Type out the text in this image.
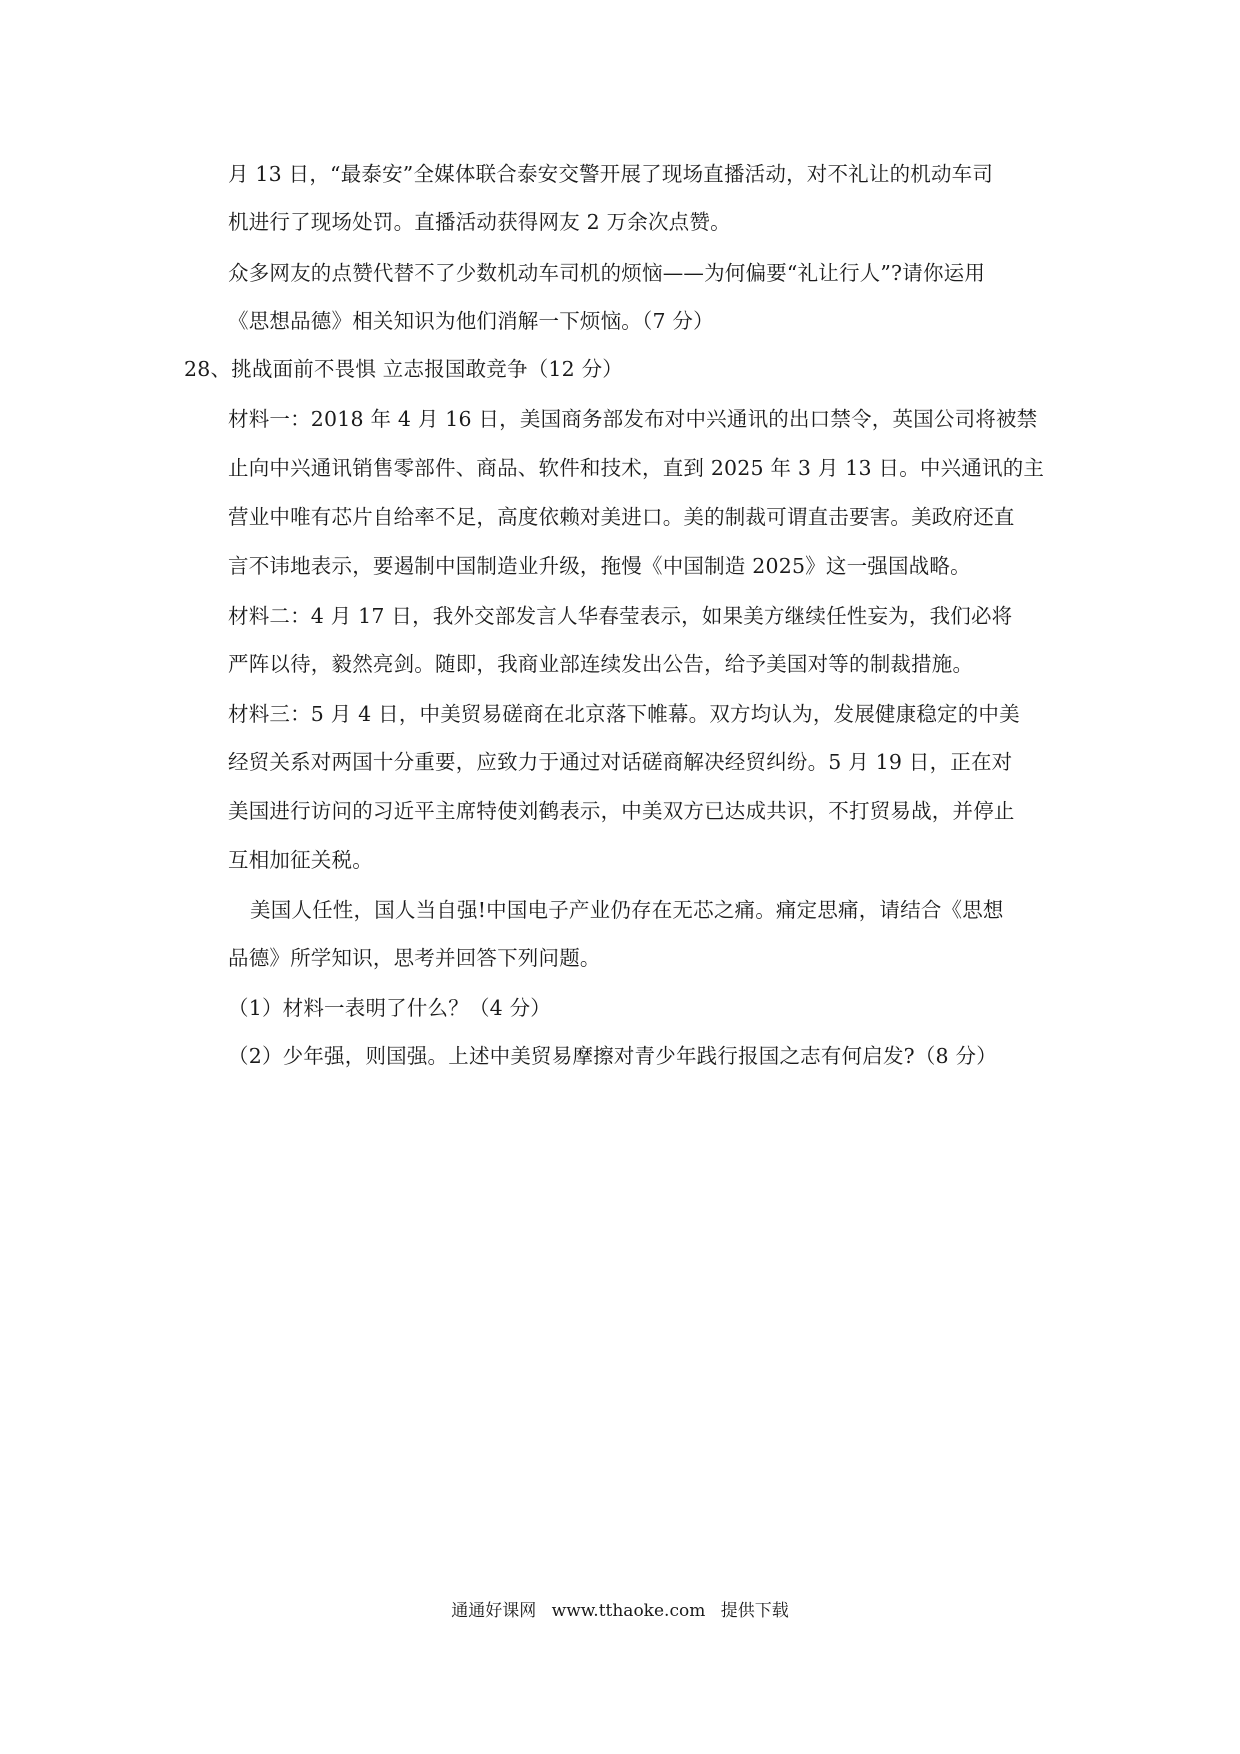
月 13 日，“最泰安”全媒体联合泰安交警开展了现场直播活动，对不礼让的机动车司
机进行了现场处罚。直播活动获得网友 2 万余次点赞。
众多网友的点赞代替不了少数机动车司机的烦恼——为何偏要“礼让行人”?请你运用
《思想品德》相关知识为他们消解一下烦恼。（7 分）
28、挑战面前不畏惧 立志报国敢竞争（12 分）
材料一：2018 年 4 月 16 日，美国商务部发布对中兴通讯的出口禁令，英国公司将被禁
止向中兴通讯销售零部件、商品、软件和技术，直到 2025 年 3 月 13 日。中兴通讯的主
营业中唯有芯片自给率不足，高度依赖对美进口。美的制裁可谓直击要害。美政府还直
言不讳地表示，要遏制中国制造业升级，拖慢《中国制造 2025》这一强国战略。
材料二：4 月 17 日，我外交部发言人华春莹表示，如果美方继续任性妄为，我们必将
严阵以待，毅然亮剑。随即，我商业部连续发出公告，给予美国对等的制裁措施。
材料三：5 月 4 日，中美贸易磋商在北京落下帷幕。双方均认为，发展健康稳定的中美
经贸关系对两国十分重要，应致力于通过对话磋商解决经贸纠纷。5 月 19 日，正在对
美国进行访问的习近平主席特使刘鹤表示，中美双方已达成共识，不打贸易战，并停止
互相加征关税。
美国人任性，国人当自强!中国电子产业仍存在无芯之痛。痛定思痛，请结合《思想
品德》所学知识，思考并回答下列问题。
（1）材料一表明了什么？（4 分）
（2）少年强，则国强。上述中美贸易摩擦对青少年践行报国之志有何启发?（8 分）
通通好课网 www.tthaoke.com 提供下载
